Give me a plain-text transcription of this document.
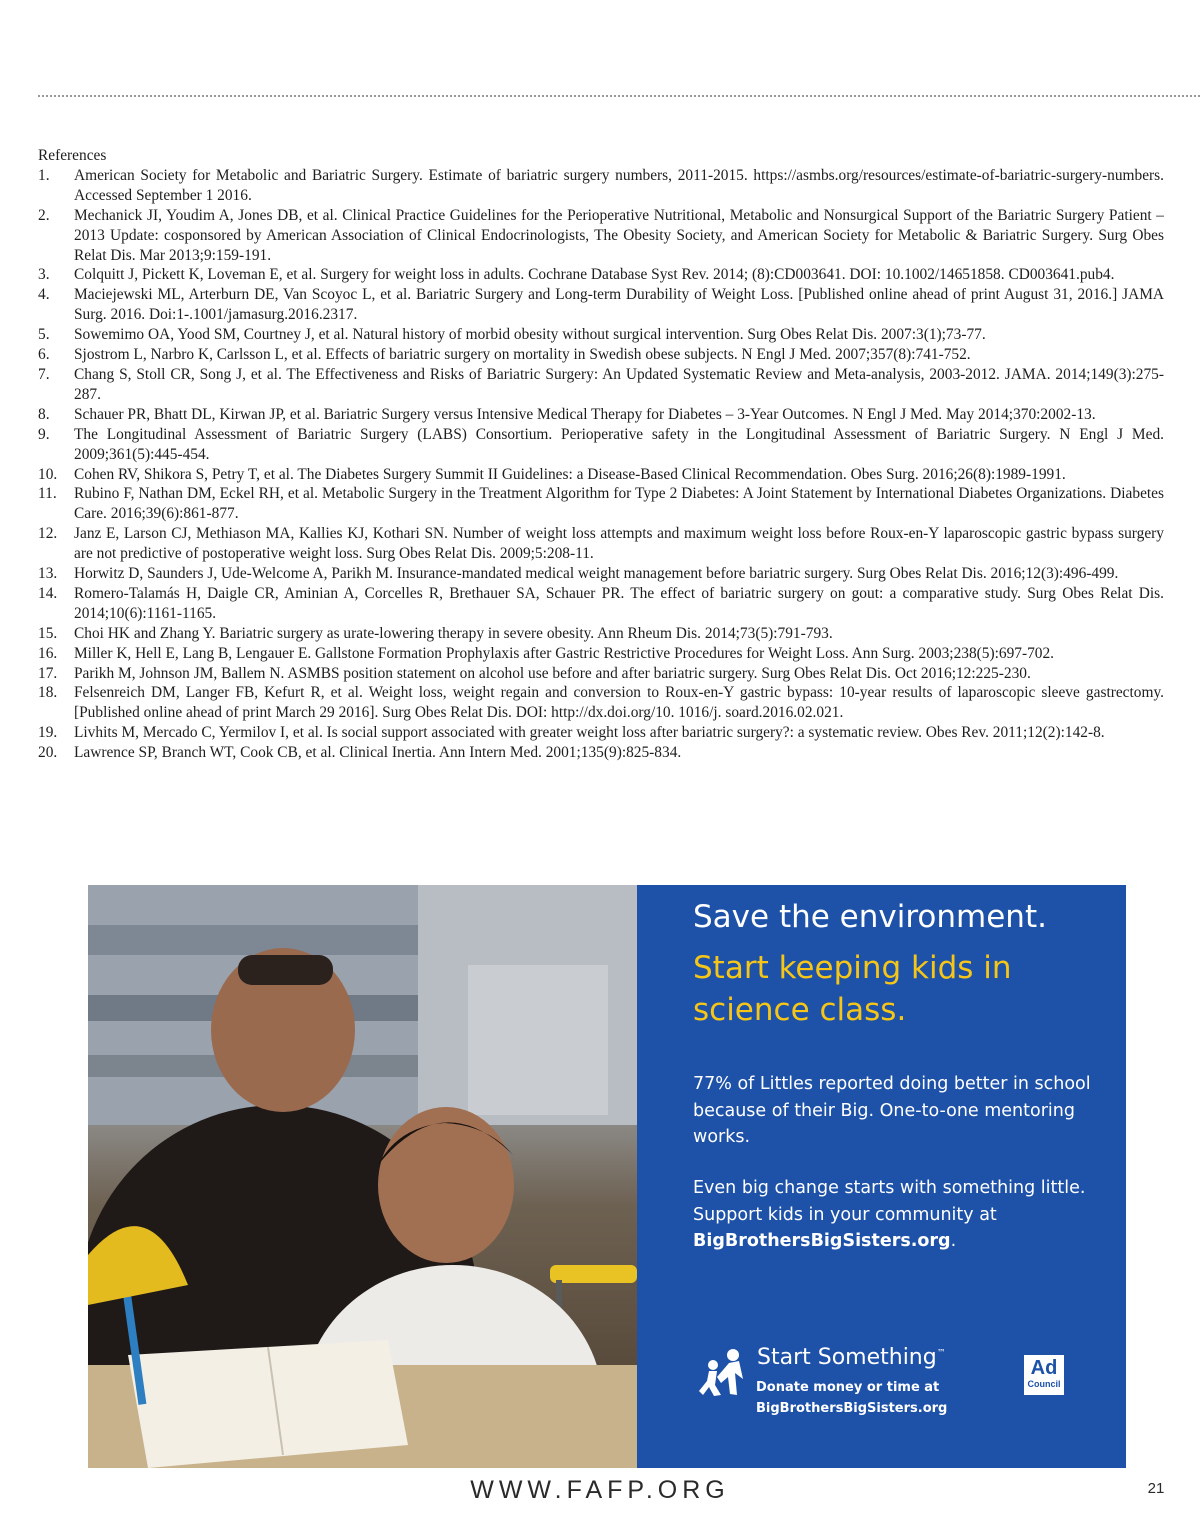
References

1.	American Society for Metabolic and Bariatric Surgery. Estimate of bariatric surgery numbers, 2011-2015. https://asmbs.org/resources/estimate-of-bariatric-surgery-numbers. Accessed September 1 2016.
2.	Mechanick JI, Youdim A, Jones DB, et al. Clinical Practice Guidelines for the Perioperative Nutritional, Metabolic and Nonsurgical Support of the Bariatric Surgery Patient – 2013 Update: cosponsored by American Association of Clinical Endocrinologists, The Obesity Society, and American Society for Metabolic & Bariatric Surgery. Surg Obes Relat Dis. Mar 2013;9:159-191.
3.	Colquitt J, Pickett K, Loveman E, et al. Surgery for weight loss in adults. Cochrane Database Syst Rev. 2014; (8):CD003641. DOI: 10.1002/14651858. CD003641.pub4.
4.	Maciejewski ML, Arterburn DE, Van Scoyoc L, et al. Bariatric Surgery and Long-term Durability of Weight Loss. [Published online ahead of print August 31, 2016.] JAMA Surg. 2016. Doi:1-.1001/jamasurg.2016.2317.
5.	Sowemimo OA, Yood SM, Courtney J, et al. Natural history of morbid obesity without surgical intervention. Surg Obes Relat Dis. 2007:3(1);73-77.
6.	Sjostrom L, Narbro K, Carlsson L, et al. Effects of bariatric surgery on mortality in Swedish obese subjects. N Engl J Med. 2007;357(8):741-752.
7.	Chang S, Stoll CR, Song J, et al. The Effectiveness and Risks of Bariatric Surgery: An Updated Systematic Review and Meta-analysis, 2003-2012. JAMA. 2014;149(3):275-287.
8.	Schauer PR, Bhatt DL, Kirwan JP, et al. Bariatric Surgery versus Intensive Medical Therapy for Diabetes – 3-Year Outcomes. N Engl J Med. May 2014;370:2002-13.
9.	The Longitudinal Assessment of Bariatric Surgery (LABS) Consortium. Perioperative safety in the Longitudinal Assessment of Bariatric Surgery. N Engl J Med. 2009;361(5):445-454.
10.	Cohen RV, Shikora S, Petry T, et al. The Diabetes Surgery Summit II Guidelines: a Disease-Based Clinical Recommendation. Obes Surg. 2016;26(8):1989-1991.
11.	Rubino F, Nathan DM, Eckel RH, et al. Metabolic Surgery in the Treatment Algorithm for Type 2 Diabetes: A Joint Statement by International Diabetes Organizations. Diabetes Care. 2016;39(6):861-877.
12.	Janz E, Larson CJ, Methiason MA, Kallies KJ, Kothari SN. Number of weight loss attempts and maximum weight loss before Roux-en-Y laparoscopic gastric bypass surgery are not predictive of postoperative weight loss. Surg Obes Relat Dis. 2009;5:208-11.
13.	Horwitz D, Saunders J, Ude-Welcome A, Parikh M. Insurance-mandated medical weight management before bariatric surgery. Surg Obes Relat Dis. 2016;12(3):496-499.
14.	Romero-Talamás H, Daigle CR, Aminian A, Corcelles R, Brethauer SA, Schauer PR. The effect of bariatric surgery on gout: a comparative study. Surg Obes Relat Dis. 2014;10(6):1161-1165.
15.	Choi HK and Zhang Y. Bariatric surgery as urate-lowering therapy in severe obesity. Ann Rheum Dis. 2014;73(5):791-793.
16.	Miller K, Hell E, Lang B, Lengauer E. Gallstone Formation Prophylaxis after Gastric Restrictive Procedures for Weight Loss. Ann Surg. 2003;238(5):697-702.
17.	Parikh M, Johnson JM, Ballem N. ASMBS position statement on alcohol use before and after bariatric surgery. Surg Obes Relat Dis. Oct 2016;12:225-230.
18.	Felsenreich DM, Langer FB, Kefurt R, et al. Weight loss, weight regain and conversion to Roux-en-Y gastric bypass: 10-year results of laparoscopic sleeve gastrectomy. [Published online ahead of print March 29 2016]. Surg Obes Relat Dis. DOI: http://dx.doi.org/10. 1016/j. soard.2016.02.021.
19.	Livhits M, Mercado C, Yermilov I, et al. Is social support associated with greater weight loss after bariatric surgery?: a systematic review. Obes Rev. 2011;12(2):142-8.
20.	Lawrence SP, Branch WT, Cook CB, et al. Clinical Inertia. Ann Intern Med. 2001;135(9):825-834.
Save the environment.
Start keeping kids in science class.
77% of Littles reported doing better in school because of their Big. One-to-one mentoring works.
Even big change starts with something little. Support kids in your community at BigBrothersBigSisters.org.
Start Something™
Donate money or time at
BigBrothersBigSisters.org
Ad
Council
WWW.FAFP.ORG	21
